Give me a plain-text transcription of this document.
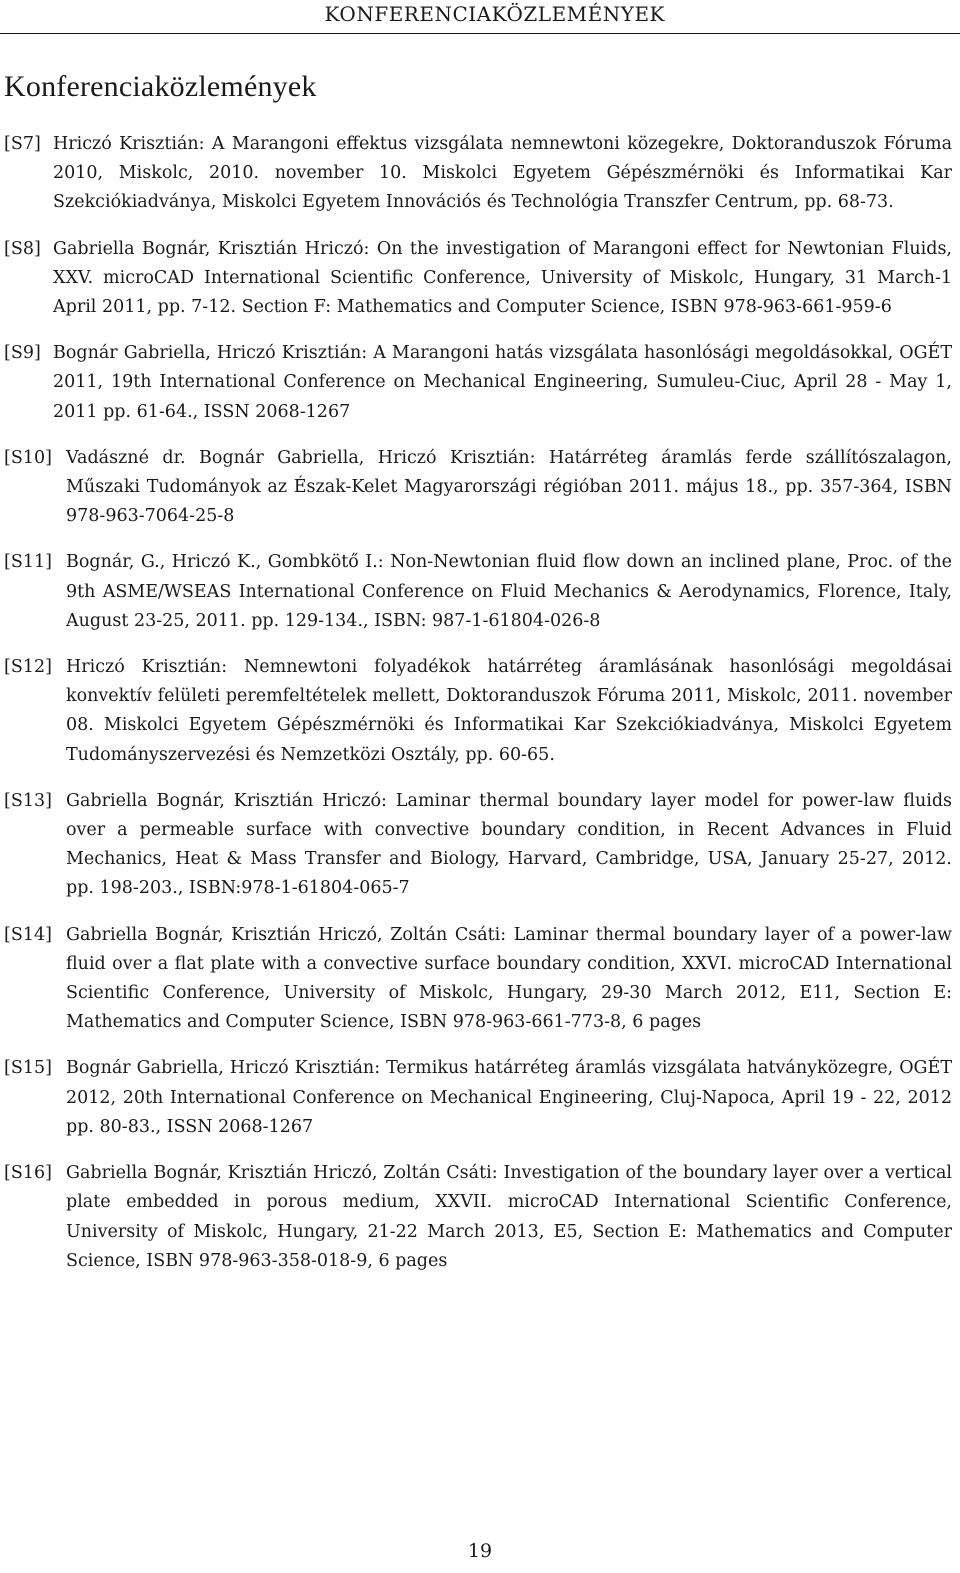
KONFERENCIAKÖZLEMÉNYEK
Konferenciaközlemények
[S7] Hriczó Krisztián: A Marangoni effektus vizsgálata nemnewtoni közegekre, Doktoranduszok Fóruma 2010, Miskolc, 2010. november 10. Miskolci Egyetem Gépészmérnöki és Informatikai Kar Szekciókiadványa, Miskolci Egyetem Innovációs és Technológia Transzfer Centrum, pp. 68-73.
[S8] Gabriella Bognár, Krisztián Hriczó: On the investigation of Marangoni effect for Newtonian Fluids, XXV. microCAD International Scientific Conference, University of Miskolc, Hungary, 31 March-1 April 2011, pp. 7-12. Section F: Mathematics and Computer Science, ISBN 978-963-661-959-6
[S9] Bognár Gabriella, Hriczó Krisztián: A Marangoni hatás vizsgálata hasonlósági megoldásokkal, OGÉT 2011, 19th International Conference on Mechanical Engineering, Sumuleu-Ciuc, April 28 - May 1, 2011 pp. 61-64., ISSN 2068-1267
[S10] Vadászné dr. Bognár Gabriella, Hriczó Krisztián: Határréteg áramlás ferde szállítószalagon, Műszaki Tudományok az Észak-Kelet Magyarországi régióban 2011. május 18., pp. 357-364, ISBN 978-963-7064-25-8
[S11] Bognár, G., Hriczó K., Gombkötő I.: Non-Newtonian fluid flow down an inclined plane, Proc. of the 9th ASME/WSEAS International Conference on Fluid Mechanics & Aerodynamics, Florence, Italy, August 23-25, 2011. pp. 129-134., ISBN: 987-1-61804-026-8
[S12] Hriczó Krisztián: Nemnewtoni folyadékok határréteg áramlásának hasonlósági megoldásai konvektív felületi peremfeltételek mellett, Doktoranduszok Fóruma 2011, Miskolc, 2011. november 08. Miskolci Egyetem Gépészmérnöki és Informatikai Kar Szekciókiadványa, Miskolci Egyetem Tudományszervezési és Nemzetközi Osztály, pp. 60-65.
[S13] Gabriella Bognár, Krisztián Hriczó: Laminar thermal boundary layer model for power-law fluids over a permeable surface with convective boundary condition, in Recent Advances in Fluid Mechanics, Heat & Mass Transfer and Biology, Harvard, Cambridge, USA, January 25-27, 2012. pp. 198-203., ISBN:978-1-61804-065-7
[S14] Gabriella Bognár, Krisztián Hriczó, Zoltán Csáti: Laminar thermal boundary layer of a power-law fluid over a flat plate with a convective surface boundary condition, XXVI. microCAD International Scientific Conference, University of Miskolc, Hungary, 29-30 March 2012, E11, Section E: Mathematics and Computer Science, ISBN 978-963-661-773-8, 6 pages
[S15] Bognár Gabriella, Hriczó Krisztián: Termikus határréteg áramlás vizsgálata hatványközegre, OGÉT 2012, 20th International Conference on Mechanical Engineering, Cluj-Napoca, April 19 - 22, 2012 pp. 80-83., ISSN 2068-1267
[S16] Gabriella Bognár, Krisztián Hriczó, Zoltán Csáti: Investigation of the boundary layer over a vertical plate embedded in porous medium, XXVII. microCAD International Scientific Conference, University of Miskolc, Hungary, 21-22 March 2013, E5, Section E: Mathematics and Computer Science, ISBN 978-963-358-018-9, 6 pages
19
